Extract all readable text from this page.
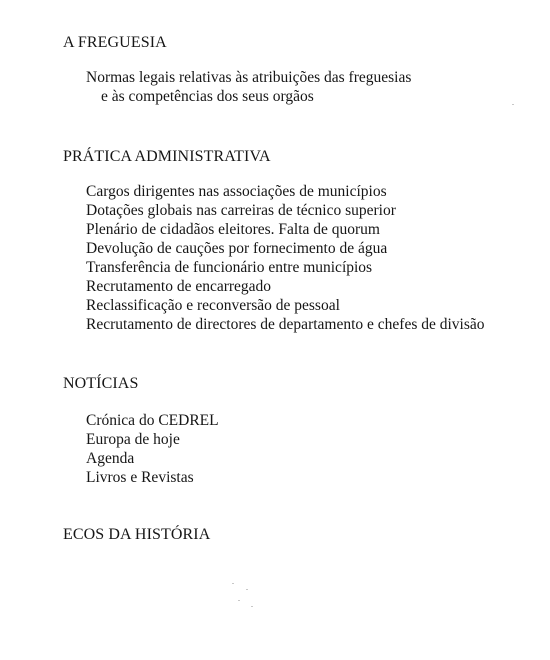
A FREGUESIA
Normas legais relativas às atribuições das freguesias
e às competências dos seus orgãos
PRÁTICA ADMINISTRATIVA
Cargos dirigentes nas associações de municípios
Dotações globais nas carreiras de técnico superior
Plenário de cidadãos eleitores. Falta de quorum
Devolução de cauções por fornecimento de água
Transferência de funcionário entre municípios
Recrutamento de encarregado
Reclassificação e reconversão de pessoal
Recrutamento de directores de departamento e chefes de divisão
NOTÍCIAS
Crónica do CEDREL
Europa de hoje
Agenda
Livros e Revistas
ECOS DA HISTÓRIA
